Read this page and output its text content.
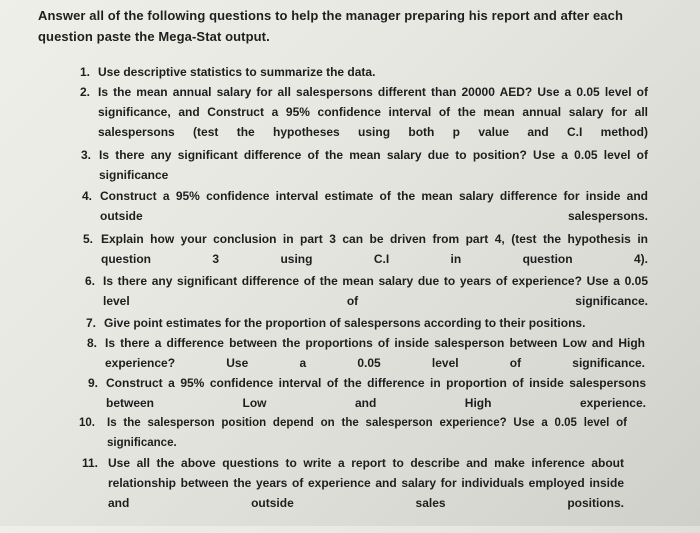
Answer all of the following questions to help the manager preparing his report and after each question paste the Mega-Stat output.
1. Use descriptive statistics to summarize the data.
2. Is the mean annual salary for all salespersons different than 20000 AED? Use a 0.05 level of significance, and Construct a 95% confidence interval of the mean annual salary for all salespersons (test the hypotheses using both p value and C.I method)
3. Is there any significant difference of the mean salary due to position? Use a 0.05 level of significance
4. Construct a 95% confidence interval estimate of the mean salary difference for inside and outside salespersons.
5. Explain how your conclusion in part 3 can be driven from part 4, (test the hypothesis in question 3 using C.I in question 4).
6. Is there any significant difference of the mean salary due to years of experience? Use a 0.05 level of significance.
7. Give point estimates for the proportion of salespersons according to their positions.
8. Is there a difference between the proportions of inside salesperson between Low and High experience? Use a 0.05 level of significance.
9. Construct a 95% confidence interval of the difference in proportion of inside salespersons between Low and High experience.
10.	Is the salesperson position depend on the salesperson experience? Use a 0.05 level of significance.
11. Use all the above questions to write a report to describe and make inference about relationship between the years of experience and salary for individuals employed inside and outside sales positions.
